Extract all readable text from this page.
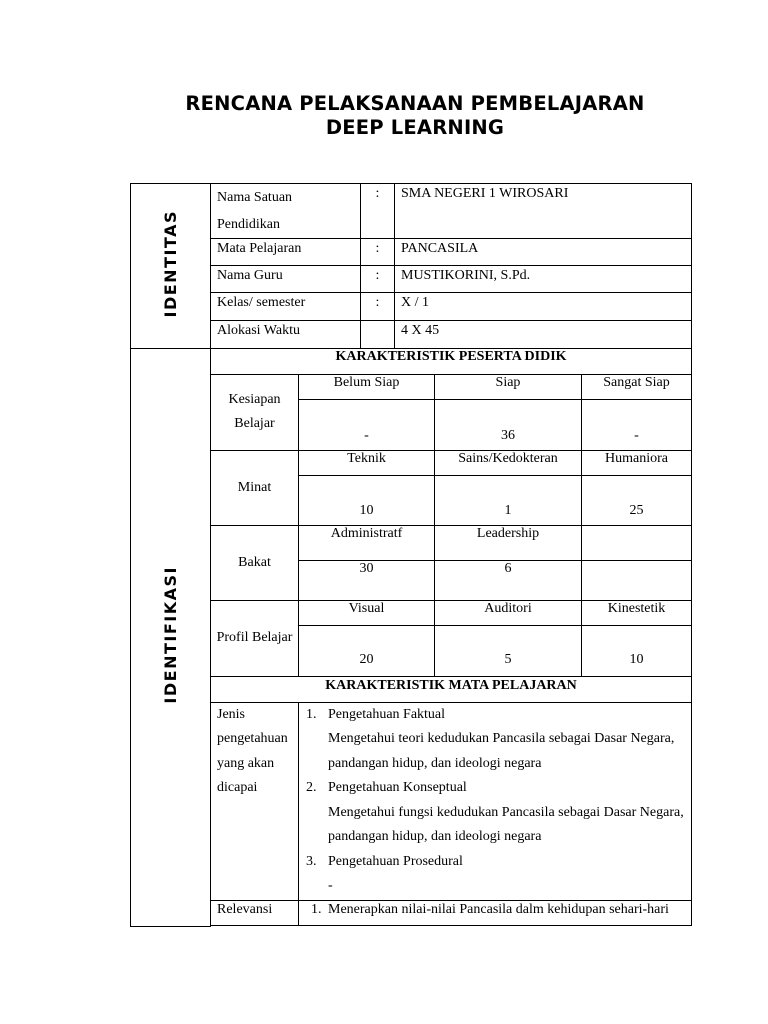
RENCANA PELAKSANAAN PEMBELAJARAN
DEEP LEARNING
IDENTITAS	
Nama Satuan
Pendidikan
	:	SMA NEGERI 1 WIROSARI
Mata Pelajaran	:	PANCASILA
Nama Guru	:	MUSTIKORINI, S.Pd.
Kelas/ semester	:	X / 1
Alokasi Waktu		4 X 45

IDENTIFIKASI	
KARAKTERISTIK PESERTA DIDIK

Kesiapan
Belajar
	Belum Siap	Siap	Sangat Siap
-	36	-
Minat	Teknik	Sains/Kedokteran	Humaniora
10	1	25
Bakat	Administratf	Leadership	
30	6	
Profil Belajar	Visual	Auditori	Kinestetik
20	5	10
KARAKTERISTIK MATA PELAJARAN

Jenis
pengetahuan
yang akan
dicapai

1. Pengetahuan Faktual
Mengetahui teori kedudukan Pancasila sebagai Dasar Negara,
pandangan hidup, dan ideologi negara
2. Pengetahuan Konseptual
Mengetahui fungsi kedudukan Pancasila sebagai Dasar Negara,
pandangan hidup, dan ideologi negara
3. Pengetahuan Prosedural
-

Relevansi	1. Menerapkan nilai-nilai Pancasila dalm kehidupan sehari-hari
